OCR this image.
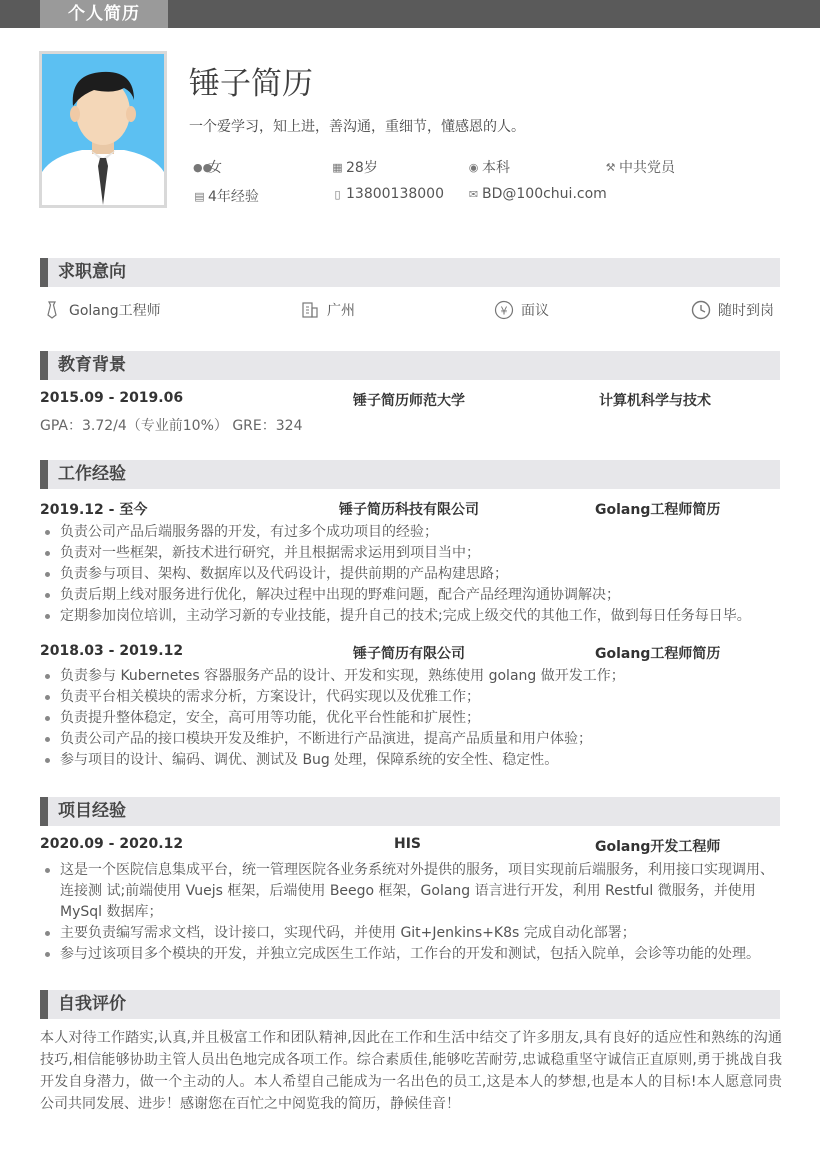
个人简历
锤子简历
一个爱学习，知上进，善沟通，重细节，懂感恩的人。
●●
女	▦ 28岁	◉ 本科	⚒ 中共党员
▤ 4年经验	▯ 13800138000 ✉ BD@100chui.com
求职意向
Golang工程师	广州	¥ 面议	随时到岗
教育背景
2015.09 - 2019.06	锤子简历师范大学	计算机科学与技术
GPA：3.72/4（专业前10%） GRE：324
工作经验
2019.12 - 至今	锤子简历科技有限公司	Golang工程师简历
负责公司产品后端服务器的开发，有过多个成功项目的经验；
负责对一些框架，新技术进行研究，并且根据需求运用到项目当中；
负责参与项目、架构、数据库以及代码设计，提供前期的产品构建思路；
负责后期上线对服务进行优化，解决过程中出现的野难问题，配合产品经理沟通协调解决；
定期参加岗位培训，主动学习新的专业技能，提升自己的技术;完成上级交代的其他工作，做到每日任务每日毕。
2018.03 - 2019.12	锤子简历有限公司	Golang工程师简历
负责参与 Kubernetes 容器服务产品的设计、开发和实现，熟练使用 golang 做开发工作；
负责平台相关模块的需求分析，方案设计，代码实现以及优雅工作；
负责提升整体稳定，安全，高可用等功能，优化平台性能和扩展性；
负责公司产品的接口模块开发及维护，不断进行产品演进，提高产品质量和用户体验；
参与项目的设计、编码、调优、测试及 Bug 处理，保障系统的安全性、稳定性。
项目经验
2020.09 - 2020.12	HIS	Golang开发工程师
这是一个医院信息集成平台，统一管理医院各业务系统对外提供的服务，项目实现前后端服务，利用接口实现调用、连接测 试;前端使用 Vuejs 框架，后端使用 Beego 框架，Golang 语言进行开发，利用 Restful 微服务，并使用 MySql 数据库；
主要负责编写需求文档，设计接口，实现代码，并使用 Git+Jenkins+K8s 完成自动化部署；
参与过该项目多个模块的开发，并独立完成医生工作站，工作台的开发和测试，包括入院单，会诊等功能的处理。
自我评价
本人对待工作踏实,认真,并且极富工作和团队精神,因此在工作和生活中结交了许多朋友,具有良好的适应性和熟练的沟通技巧,相信能够协助主管人员出色地完成各项工作。综合素质佳,能够吃苦耐劳,忠诚稳重坚守诚信正直原则,勇于挑战自我开发自身潜力，做一个主动的人。本人希望自己能成为一名出色的员工,这是本人的梦想,也是本人的目标!本人愿意同贵公司共同发展、进步！感谢您在百忙之中阅览我的简历，静候佳音！
